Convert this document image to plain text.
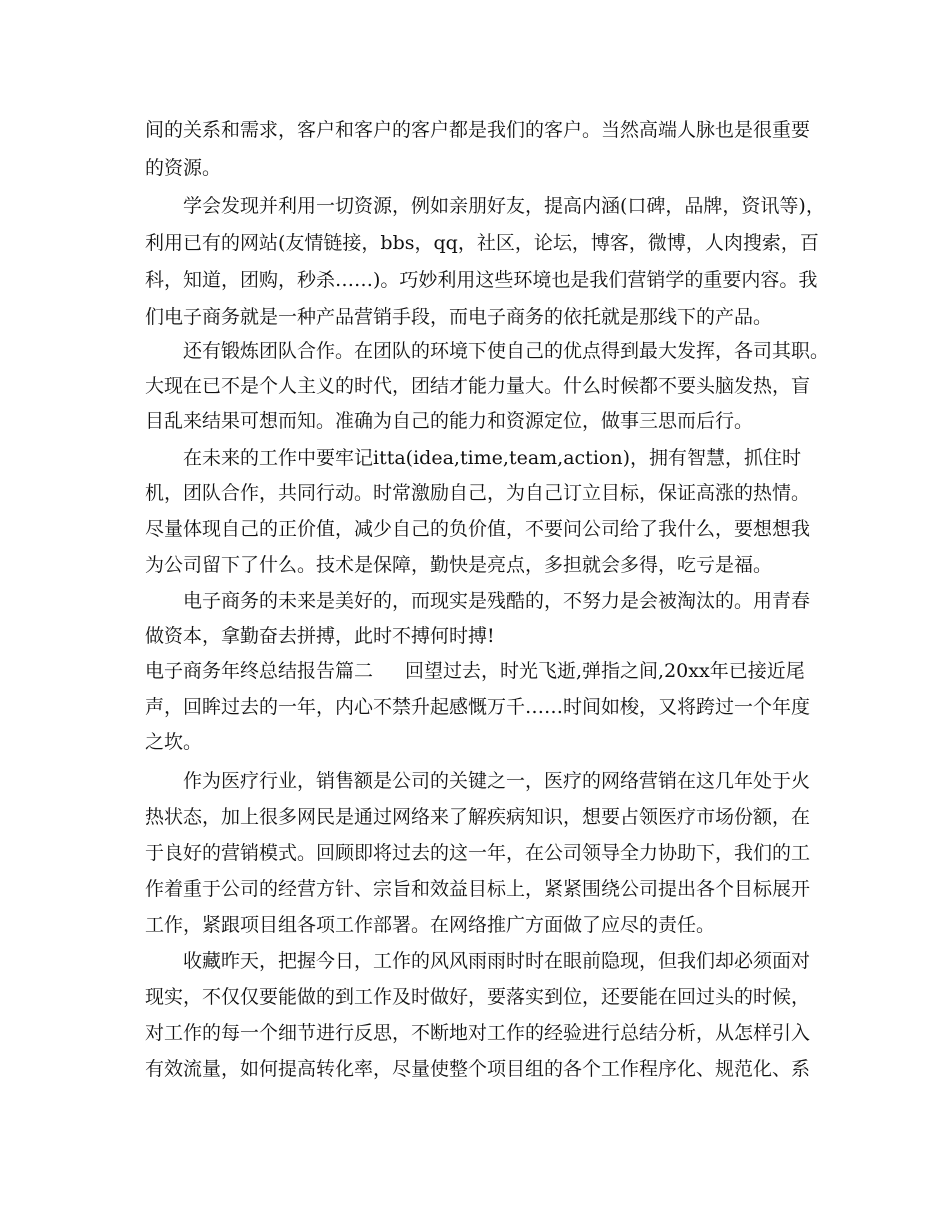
间的关系和需求，客户和客户的客户都是我们的客户。当然高端人脉也是很重要
的资源。
学会发现并利用一切资源，例如亲朋好友，提高内涵(口碑，品牌，资讯等)，
利用已有的网站(友情链接，bbs，qq，社区，论坛，博客，微博，人肉搜索，百
科，知道，团购，秒杀……)。巧妙利用这些环境也是我们营销学的重要内容。我
们电子商务就是一种产品营销手段，而电子商务的依托就是那线下的产品。
还有锻炼团队合作。在团队的环境下使自己的优点得到最大发挥，各司其职。
大现在已不是个人主义的时代，团结才能力量大。什么时候都不要头脑发热，盲
目乱来结果可想而知。准确为自己的能力和资源定位，做事三思而后行。
在未来的工作中要牢记itta(idea,time,team,action)，拥有智慧，抓住时
机，团队合作，共同行动。时常激励自己，为自己订立目标，保证高涨的热情。
尽量体现自己的正价值，减少自己的负价值，不要问公司给了我什么，要想想我
为公司留下了什么。技术是保障，勤快是亮点，多担就会多得，吃亏是福。
电子商务的未来是美好的，而现实是残酷的，不努力是会被淘汰的。用青春
做资本，拿勤奋去拼搏，此时不搏何时搏!
电子商务年终总结报告篇二 回望过去，时光飞逝,弹指之间,20xx年已接近尾
声，回眸过去的一年，内心不禁升起感慨万千……时间如梭，又将跨过一个年度
之坎。
作为医疗行业，销售额是公司的关键之一，医疗的网络营销在这几年处于火
热状态，加上很多网民是通过网络来了解疾病知识，想要占领医疗市场份额，在
于良好的营销模式。回顾即将过去的这一年，在公司领导全力协助下，我们的工
作着重于公司的经营方针、宗旨和效益目标上，紧紧围绕公司提出各个目标展开
工作，紧跟项目组各项工作部署。在网络推广方面做了应尽的责任。
收藏昨天，把握今日，工作的风风雨雨时时在眼前隐现，但我们却必须面对
现实，不仅仅要能做的到工作及时做好，要落实到位，还要能在回过头的时候，
对工作的每一个细节进行反思，不断地对工作的经验进行总结分析，从怎样引入
有效流量，如何提高转化率，尽量使整个项目组的各个工作程序化、规范化、系
